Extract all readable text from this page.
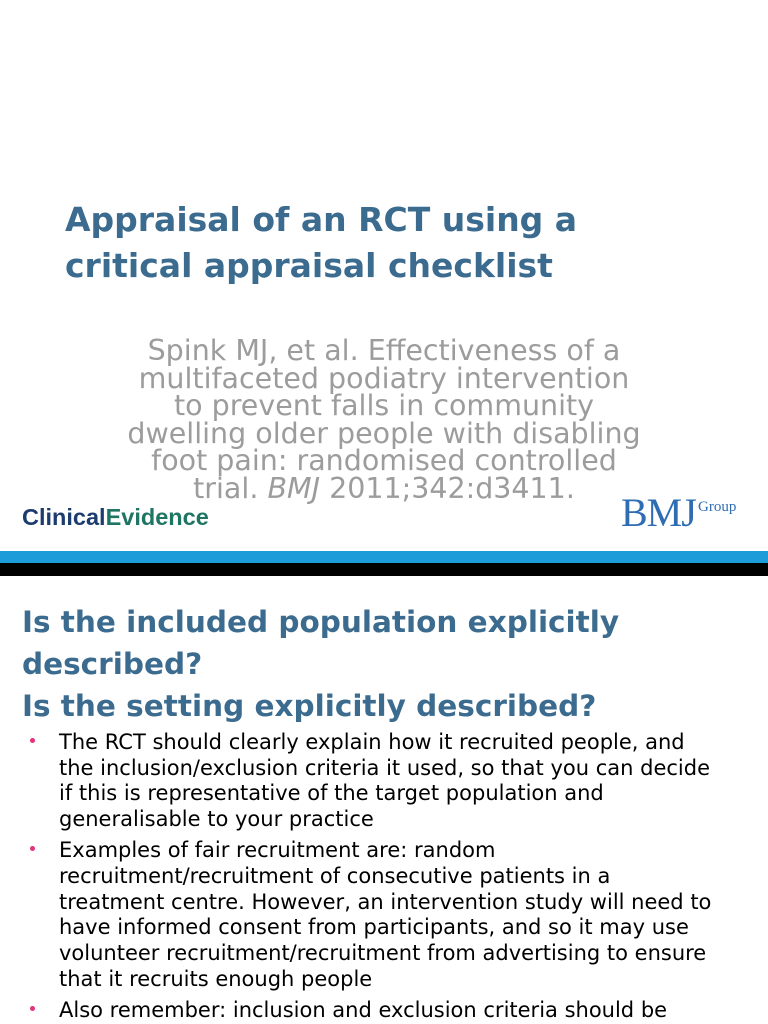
Appraisal of an RCT using a critical appraisal checklist

Spink MJ, et al. Effectiveness of a
multifaceted podiatry intervention
to prevent falls in community
dwelling older people with disabling
foot pain: randomised controlled
trial. BMJ 2011;342:d3411.

ClinicalEvidence	BMJ Group
Is the included population explicitly described?
Is the setting explicitly described?
The RCT should clearly explain how it recruited people, and
the inclusion/exclusion criteria it used, so that you can decide
if this is representative of the target population and
generalisable to your practice
Examples of fair recruitment are: random
recruitment/recruitment of consecutive patients in a
treatment centre. However, an intervention study will need to
have informed consent from participants, and so it may use
volunteer recruitment/recruitment from advertising to ensure
that it recruits enough people
Also remember: inclusion and exclusion criteria should be
